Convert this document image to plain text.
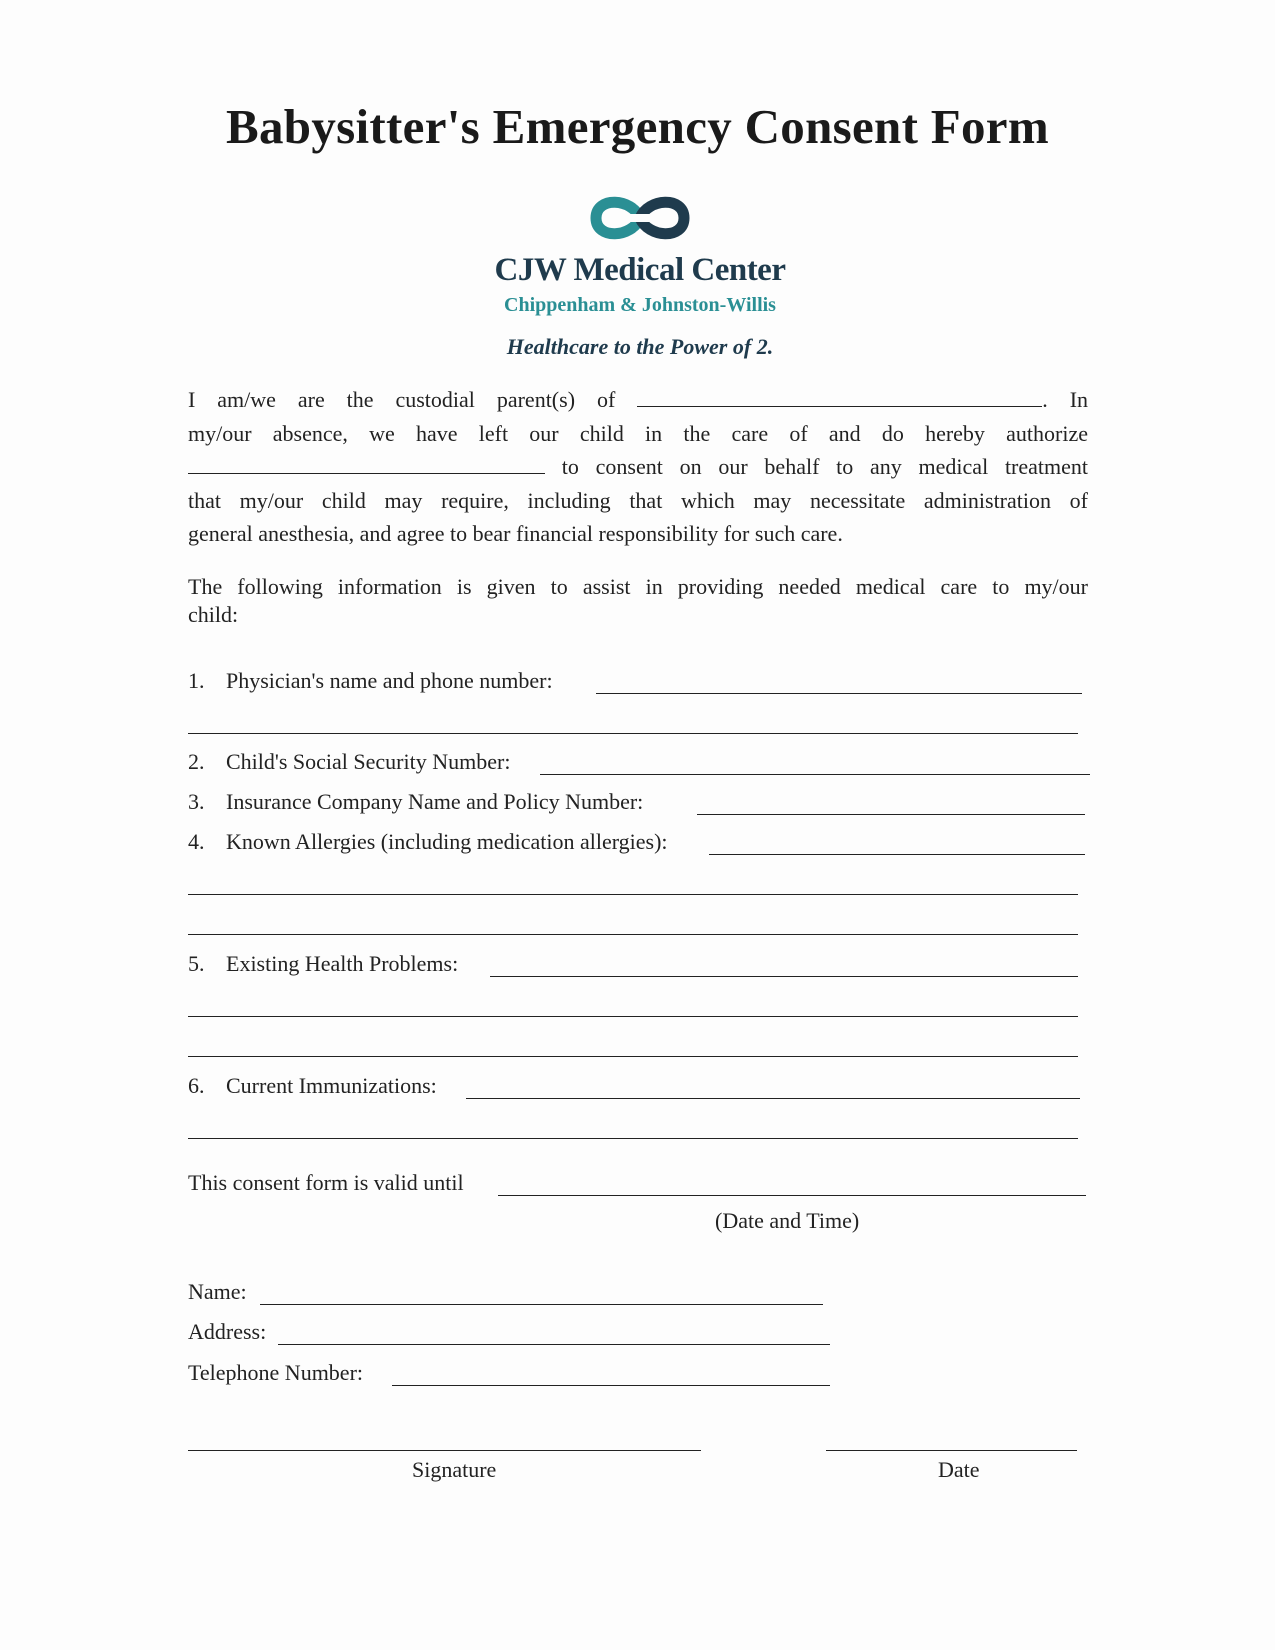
Babysitter's Emergency Consent Form
CJW Medical Center
Chippenham & Johnston-Willis
Healthcare to the Power of 2.
I am/we are the custodial parent(s) of	. In
my/our absence, we have left our child in the care of and do hereby authorize
to consent on our behalf to any medical treatment
that my/our child may require, including that which may necessitate administration of
general anesthesia, and agree to bear financial responsibility for such care.
The following information is given to assist in providing needed medical care to my/our
child:
1. Physician's name and phone number:
2. Child's Social Security Number:
3. Insurance Company Name and Policy Number:
4. Known Allergies (including medication allergies):
5. Existing Health Problems:
6. Current Immunizations:
This consent form is valid until
(Date and Time)
Name:
Address:
Telephone Number:
Signature	Date
